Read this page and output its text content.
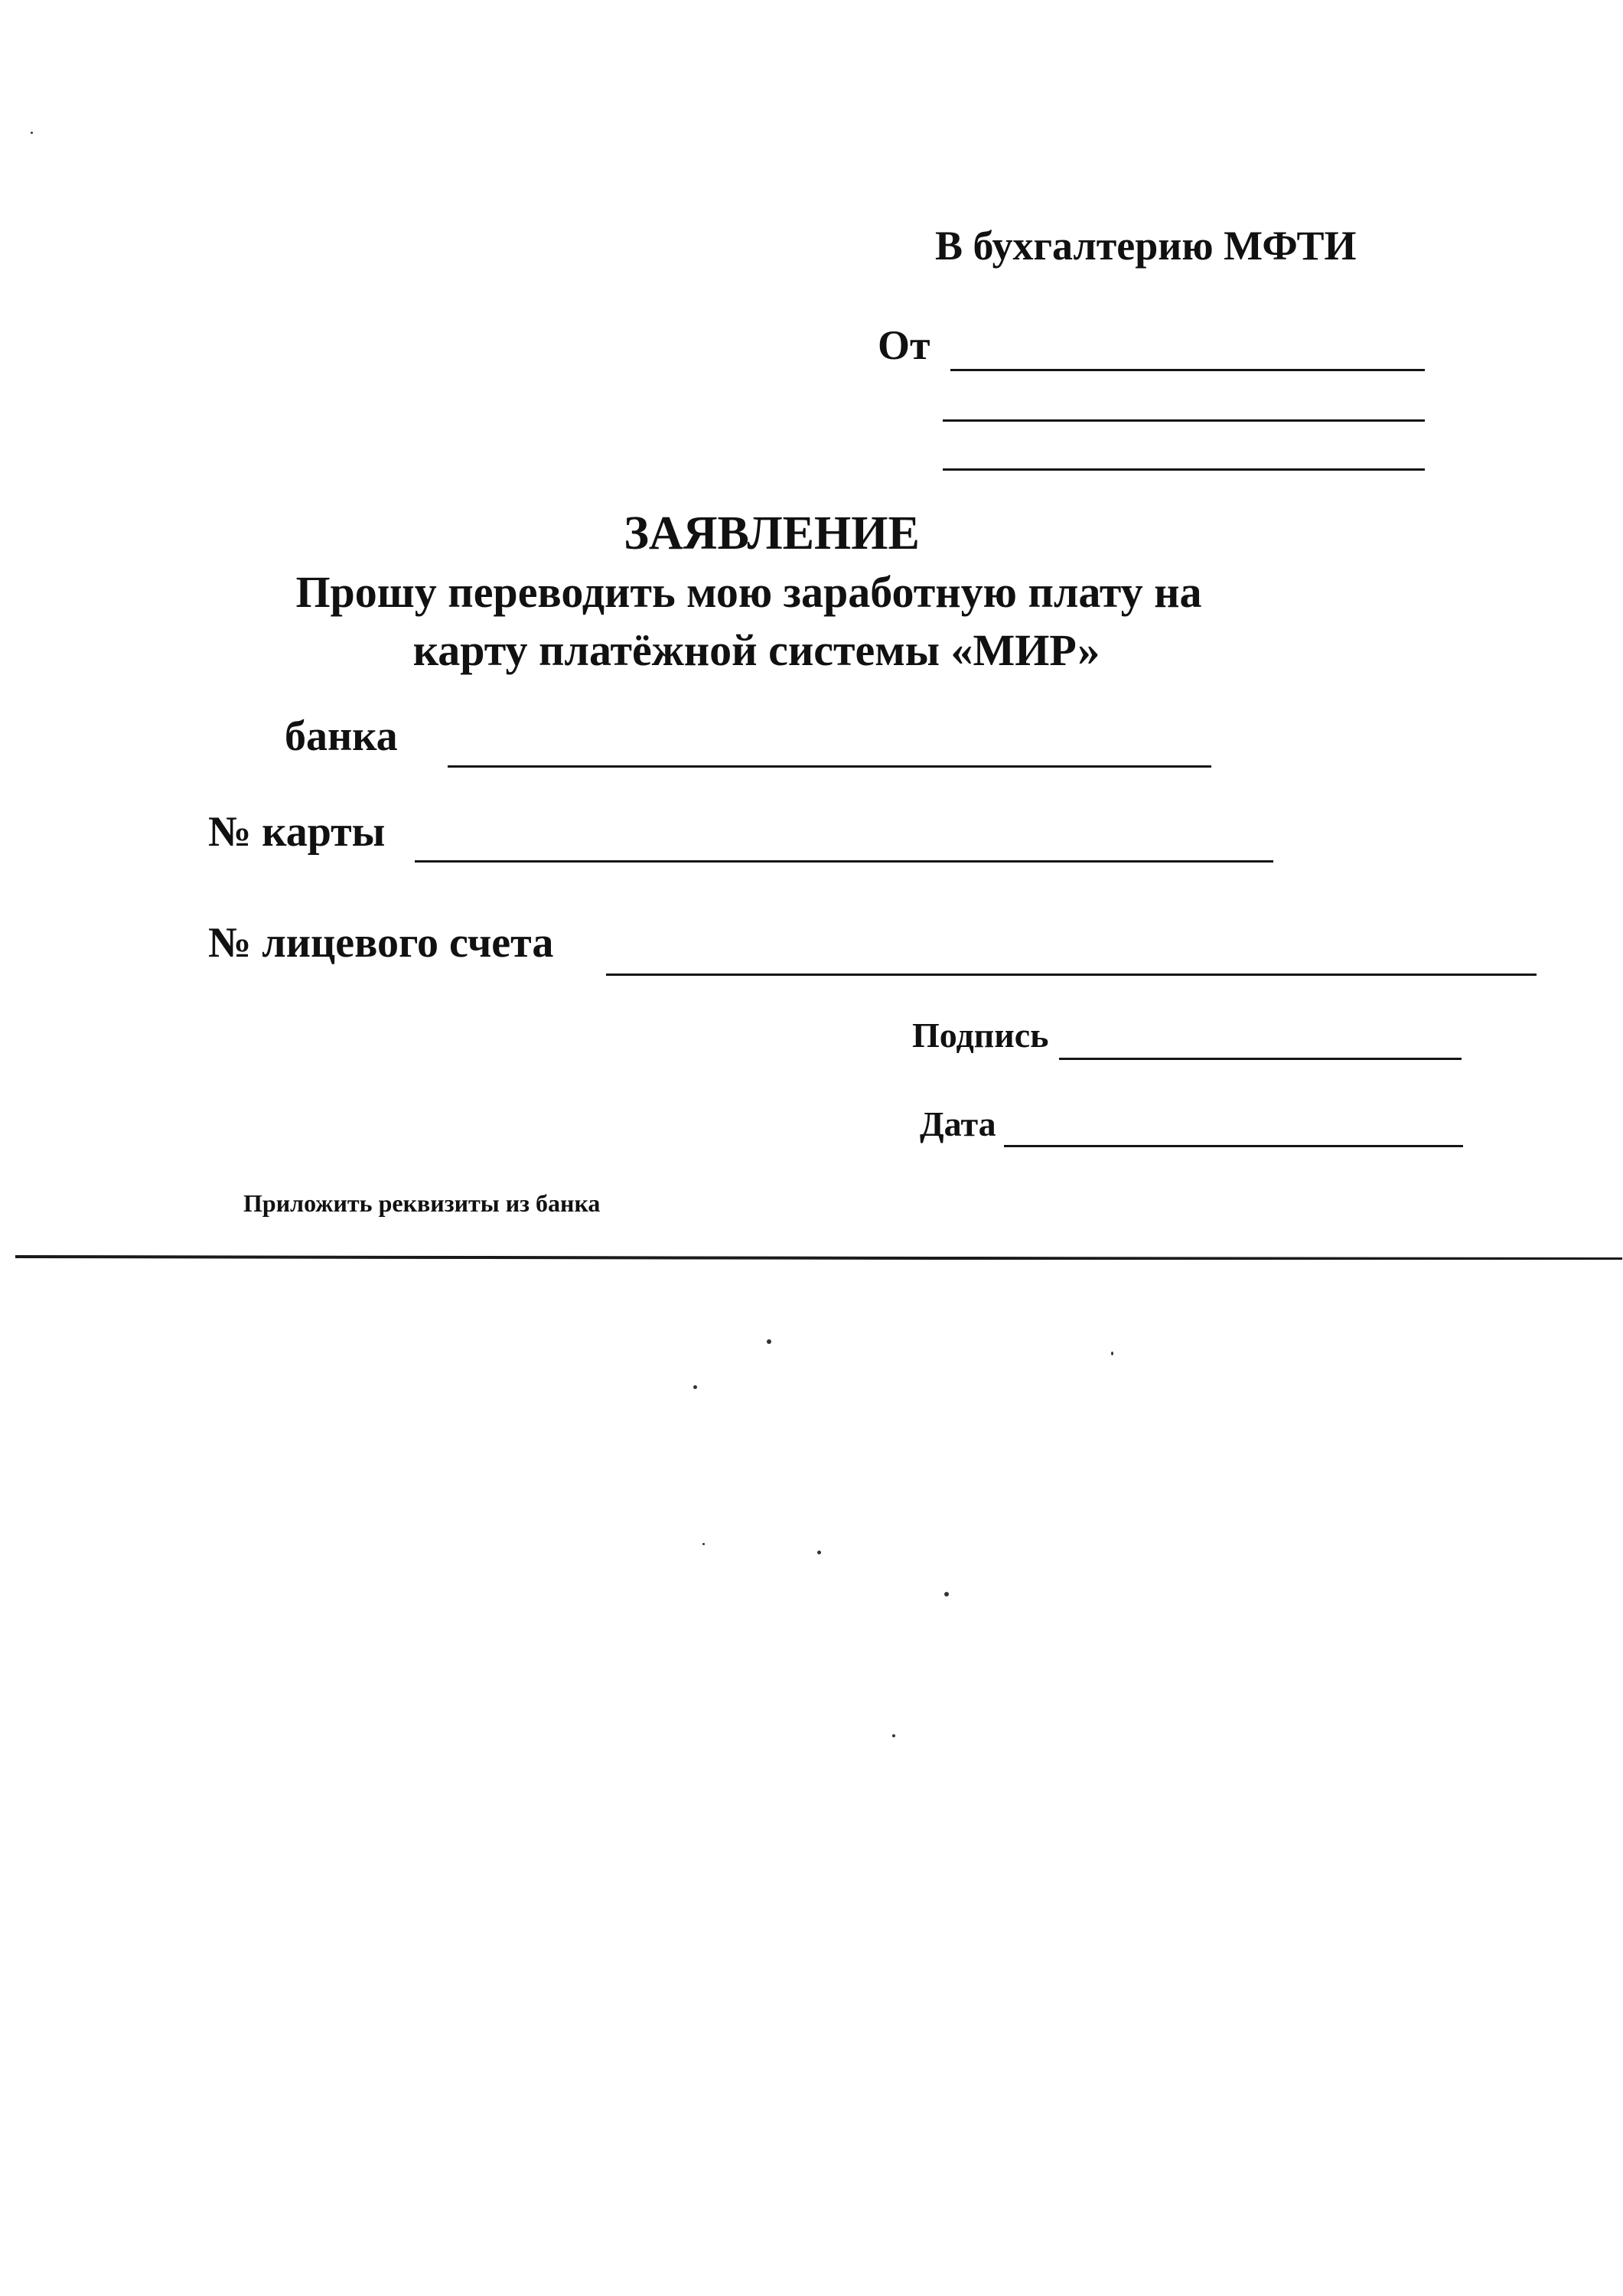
В бухгалтерию МФТИ
От
ЗАЯВЛЕНИЕ
Прошу переводить мою заработную плату на
карту платёжной системы «МИР»
банка
№ карты
№ лицевого счета
Подпись
Дата
Приложить реквизиты из банка
